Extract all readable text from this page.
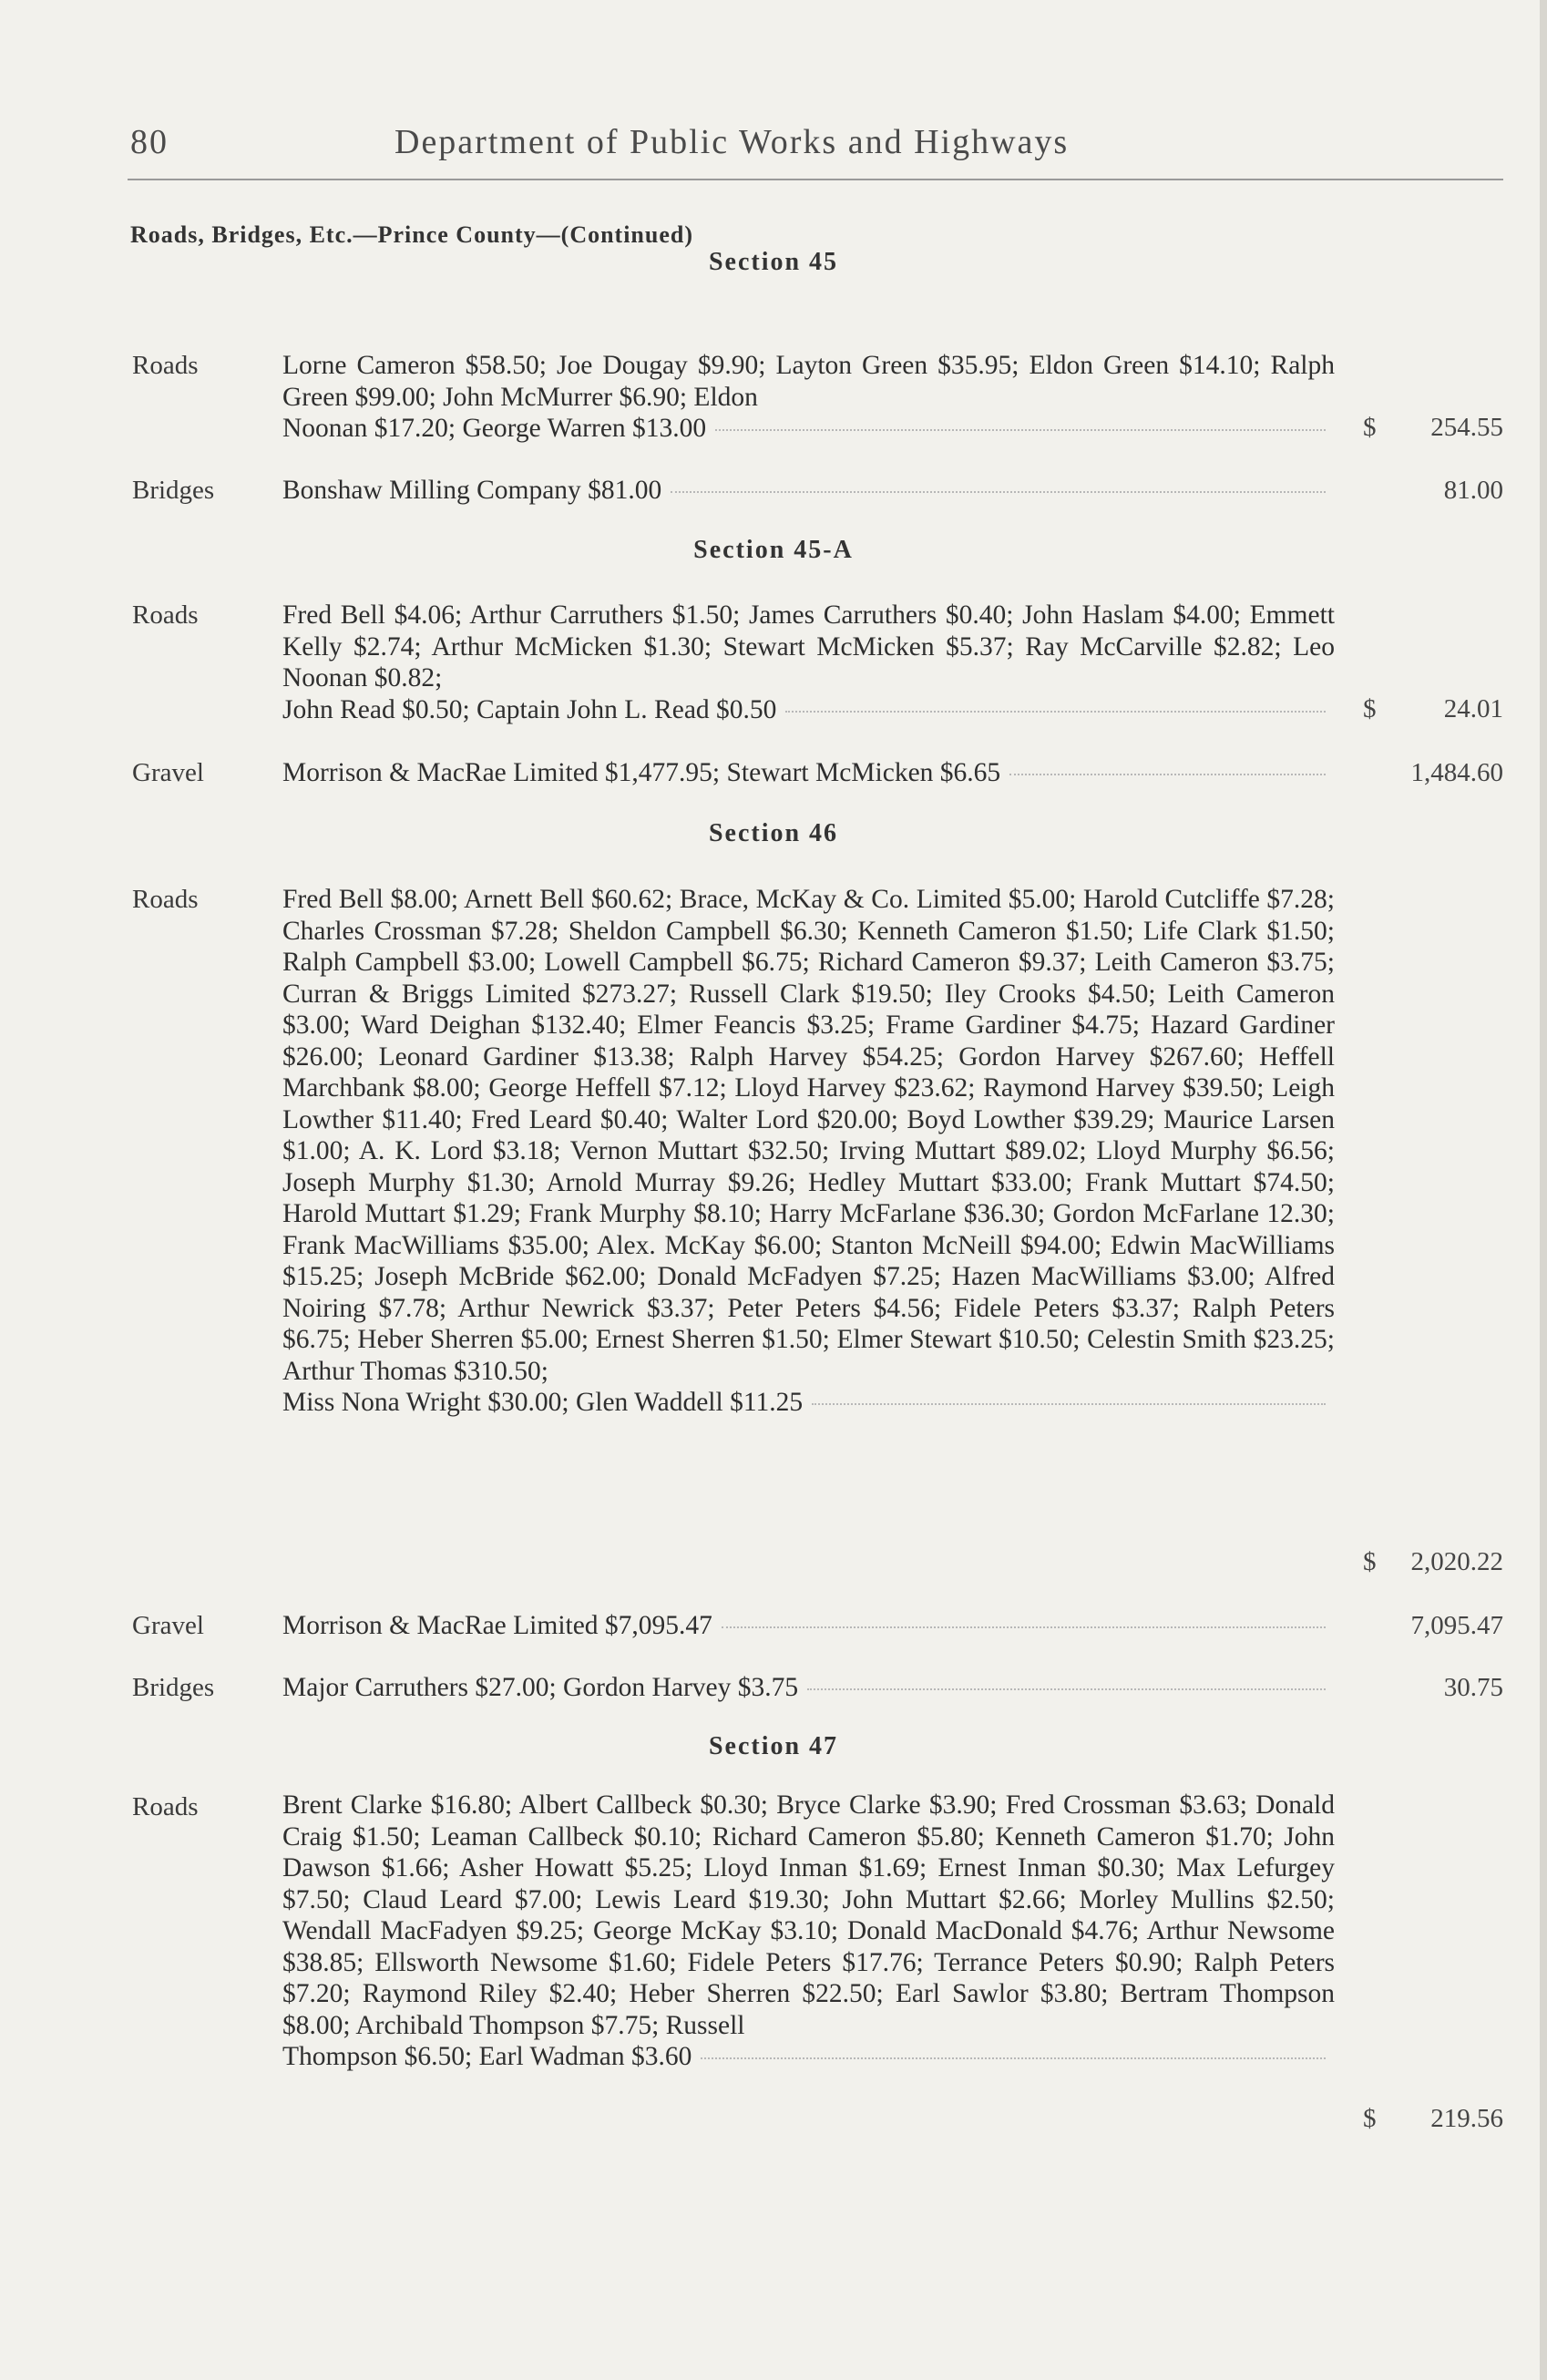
80	Department of Public Works and Highways
Roads, Bridges, Etc.—Prince County—(Continued)
Section 45
Roads	Lorne Cameron $58.50; Joe Dougay $9.90; Layton Green $35.95; Eldon Green $14.10; Ralph Green $99.00; John McMurrer $6.90; Eldon
Noonan $17.20; George Warren $13.00	$	254.55
Bridges	Bonshaw Milling Company $81.00	81.00
Section 45-A
Roads	Fred Bell $4.06; Arthur Carruthers $1.50; James Carruthers $0.40; John Haslam $4.00; Emmett Kelly $2.74; Arthur McMicken $1.30; Stewart McMicken $5.37; Ray McCarville $2.82; Leo Noonan $0.82;
John Read $0.50; Captain John L. Read $0.50	$	24.01
Gravel	Morrison & MacRae Limited $1,477.95; Stewart McMicken $6.65	1,484.60
Section 46
Roads	Fred Bell $8.00; Arnett Bell $60.62; Brace, McKay & Co. Limited $5.00; Harold Cutcliffe $7.28; Charles Crossman $7.28; Sheldon Campbell $6.30; Kenneth Cameron $1.50; Life Clark $1.50; Ralph Campbell $3.00; Lowell Campbell $6.75; Richard Cameron $9.37; Leith Cameron $3.75; Curran & Briggs Limited $273.27; Russell Clark $19.50; Iley Crooks $4.50; Leith Cameron $3.00; Ward Deighan $132.40; Elmer Feancis $3.25; Frame Gardiner $4.75; Hazard Gardiner $26.00; Leonard Gardiner $13.38; Ralph Harvey $54.25; Gordon Harvey $267.60; Heffell Marchbank $8.00; George Heffell $7.12; Lloyd Harvey $23.62; Raymond Harvey $39.50; Leigh Lowther $11.40; Fred Leard $0.40; Walter Lord $20.00; Boyd Lowther $39.29; Maurice Larsen $1.00; A. K. Lord $3.18; Vernon Muttart $32.50; Irving Muttart $89.02; Lloyd Murphy $6.56; Joseph Murphy $1.30; Arnold Murray $9.26; Hedley Muttart $33.00; Frank Muttart $74.50; Harold Muttart $1.29; Frank Murphy $8.10; Harry McFarlane $36.30; Gordon McFarlane 12.30; Frank MacWilliams $35.00; Alex. McKay $6.00; Stanton McNeill $94.00; Edwin MacWilliams $15.25; Joseph McBride $62.00; Donald McFadyen $7.25; Hazen MacWilliams $3.00; Alfred Noiring $7.78; Arthur Newrick $3.37; Peter Peters $4.56; Fidele Peters $3.37; Ralph Peters $6.75; Heber Sherren $5.00; Ernest Sherren $1.50; Elmer Stewart $10.50; Celestin Smith $23.25; Arthur Thomas $310.50;
Miss Nona Wright $30.00; Glen Waddell $11.25
$	2,020.22
Gravel	Morrison & MacRae Limited $7,095.47	7,095.47
Bridges	Major Carruthers $27.00; Gordon Harvey $3.75	30.75
Section 47
Roads	Brent Clarke $16.80; Albert Callbeck $0.30; Bryce Clarke $3.90; Fred Crossman $3.63; Donald Craig $1.50; Leaman Callbeck $0.10; Richard Cameron $5.80; Kenneth Cameron $1.70; John Dawson $1.66; Asher Howatt $5.25; Lloyd Inman $1.69; Ernest Inman $0.30; Max Lefurgey $7.50; Claud Leard $7.00; Lewis Leard $19.30; John Muttart $2.66; Morley Mullins $2.50; Wendall MacFadyen $9.25; George McKay $3.10; Donald MacDonald $4.76; Arthur Newsome $38.85; Ellsworth Newsome $1.60; Fidele Peters $17.76; Terrance Peters $0.90; Ralph Peters $7.20; Raymond Riley $2.40; Heber Sherren $22.50; Earl Sawlor $3.80; Bertram Thompson $8.00; Archibald Thompson $7.75; Russell
Thompson $6.50; Earl Wadman $3.60
$	219.56
